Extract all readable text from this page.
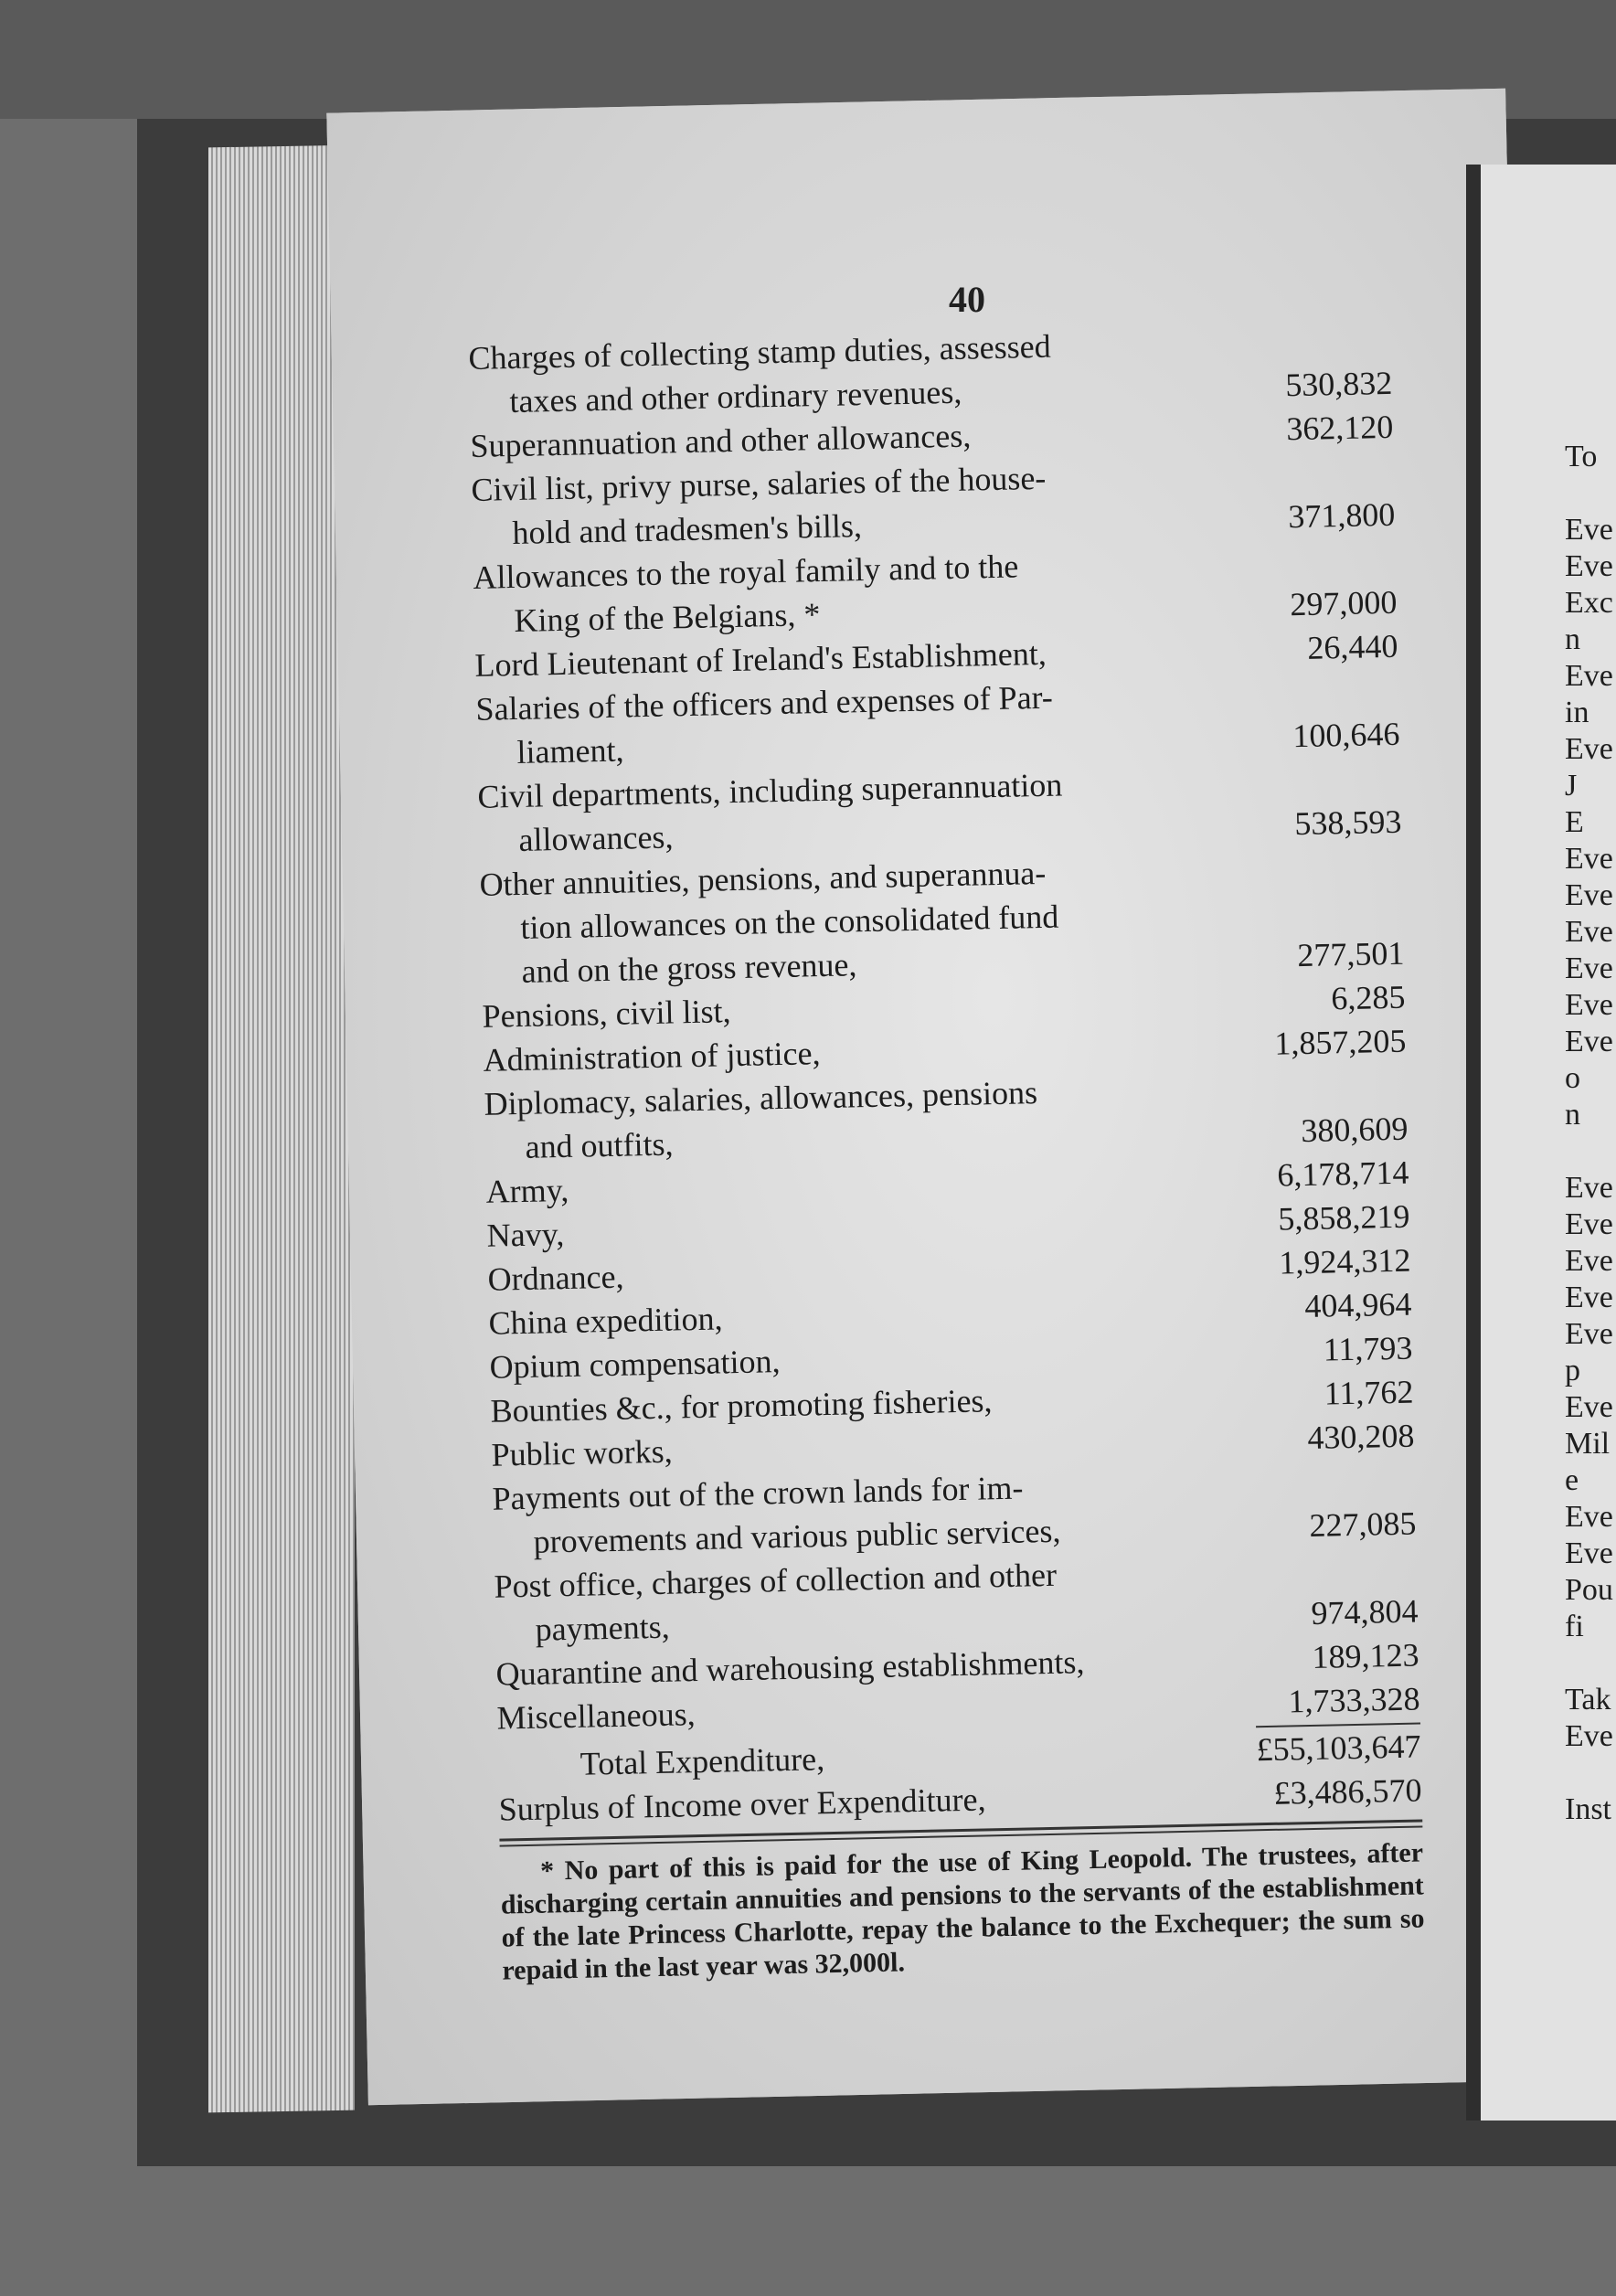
40
Charges of collecting stamp duties, assessed
taxes and other ordinary revenues,	530,832
Superannuation and other allowances,	362,120
Civil list, privy purse, salaries of the house-
hold and tradesmen's bills,	371,800
Allowances to the royal family and to the
King of the Belgians, *	297,000
Lord Lieutenant of Ireland's Establishment,	26,440
Salaries of the officers and expenses of Par-
liament,	100,646
Civil departments, including superannuation
allowances,	538,593
Other annuities, pensions, and superannua-
tion allowances on the consolidated fund
and on the gross revenue,	277,501
Pensions, civil list,	6,285
Administration of justice,	1,857,205
Diplomacy, salaries, allowances, pensions
and outfits,	380,609
Army,	6,178,714
Navy,	5,858,219
Ordnance,	1,924,312
China expedition,	404,964
Opium compensation,	11,793
Bounties &c., for promoting fisheries,	11,762
Public works,	430,208
Payments out of the crown lands for im-
provements and various public services,	227,085
Post office, charges of collection and other
payments,	974,804
Quarantine and warehousing establishments,	189,123
Miscellaneous,	1,733,328
Total Expenditure,	£55,103,647
Surplus of Income over Expenditure,	£3,486,570
* No part of this is paid for the use of King Leopold. The trustees, after discharging certain annuities and pensions to the servants of the establishment of the late Princess Charlotte, repay the balance to the Exchequer; the sum so repaid in the last year was 32,000l.
To
Eve
Eve
Exc
n
Eve
in
Eve
J
E
Eve
Eve
Eve
Eve
Eve
Eve
o
n
Eve
Eve
Eve
Eve
Eve
p
Eve
Mil
e
Eve
Eve
Pou
fi
Tak
Eve
Inst
